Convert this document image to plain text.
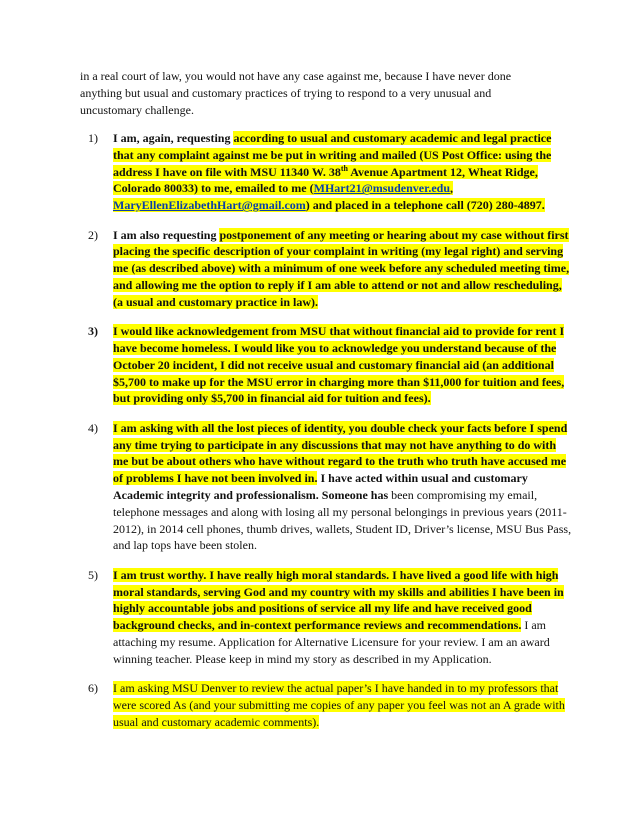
in a real court of law, you would not have any case against me, because I have never done anything but usual and customary practices of trying to respond to a very unusual and uncustomary challenge.
1) I am, again, requesting according to usual and customary academic and legal practice that any complaint against me be put in writing and mailed (US Post Office: using the address I have on file with MSU 11340 W. 38th Avenue Apartment 12, Wheat Ridge, Colorado 80033) to me, emailed to me (MHart21@msudenver.edu, MaryEllenElizabethHart@gmail.com) and placed in a telephone call (720) 280-4897.
2) I am also requesting postponement of any meeting or hearing about my case without first placing the specific description of your complaint in writing (my legal right) and serving me (as described above) with a minimum of one week before any scheduled meeting time, and allowing me the option to reply if I am able to attend or not and allow rescheduling, (a usual and customary practice in law).
3) I would like acknowledgement from MSU that without financial aid to provide for rent I have become homeless. I would like you to acknowledge you understand because of the October 20 incident, I did not receive usual and customary financial aid (an additional $5,700 to make up for the MSU error in charging more than $11,000 for tuition and fees, but providing only $5,700 in financial aid for tuition and fees).
4) I am asking with all the lost pieces of identity, you double check your facts before I spend any time trying to participate in any discussions that may not have anything to do with me but be about others who have without regard to the truth who truth have accused me of problems I have not been involved in. I have acted within usual and customary Academic integrity and professionalism. Someone has been compromising my email, telephone messages and along with losing all my personal belongings in previous years (2011-2012), in 2014 cell phones, thumb drives, wallets, Student ID, Driver’s license, MSU Bus Pass, and lap tops have been stolen.
5) I am trust worthy. I have really high moral standards. I have lived a good life with high moral standards, serving God and my country with my skills and abilities I have been in highly accountable jobs and positions of service all my life and have received good background checks, and in-context performance reviews and recommendations. I am attaching my resume. Application for Alternative Licensure for your review. I am an award winning teacher. Please keep in mind my story as described in my Application.
6) I am asking MSU Denver to review the actual paper’s I have handed in to my professors that were scored As (and your submitting me copies of any paper you feel was not an A grade with usual and customary academic comments).
